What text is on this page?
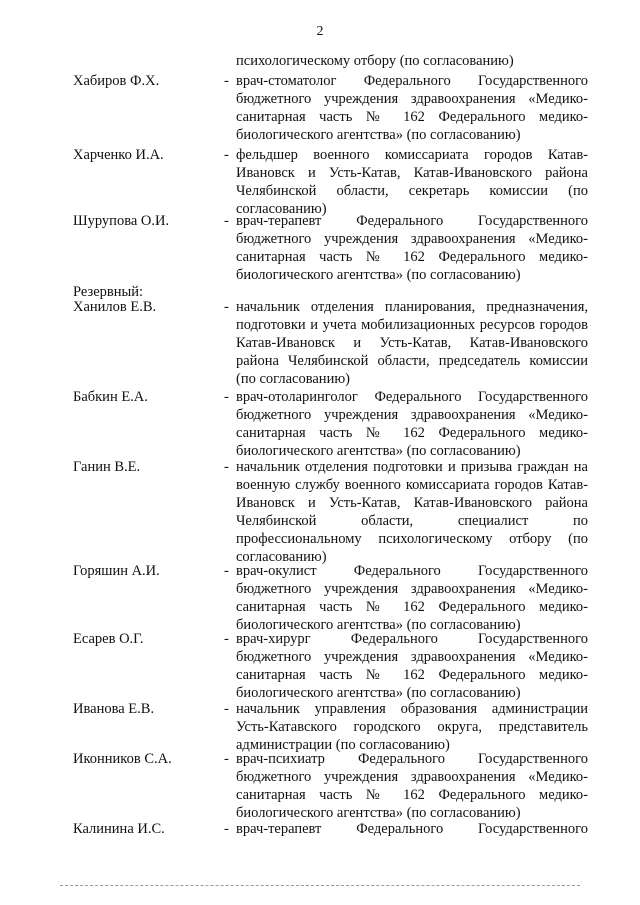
2
психологическому отбору (по согласованию)
Хабиров Ф.Х.	- врач-стоматолог Федерального Государственного бюджетного учреждения здравоохранения «Медико-санитарная часть № 162 Федерального медико-биологического агентства» (по согласованию)
Харченко И.А.	- фельдшер военного комиссариата городов Катав-Ивановск и Усть-Катав, Катав-Ивановского района Челябинской области, секретарь комиссии (по согласованию)
Шурупова О.И.	- врач-терапевт Федерального Государственного бюджетного учреждения здравоохранения «Медико-санитарная часть № 162 Федерального медико-биологического агентства» (по согласованию)
Резервный:
Ханилов Е.В.	- начальник отделения планирования, предназначения, подготовки и учета мобилизационных ресурсов городов Катав-Ивановск и Усть-Катав, Катав-Ивановского района Челябинской области, председатель комиссии (по согласованию)
Бабкин Е.А.	- врач-отоларинголог Федерального Государственного бюджетного учреждения здравоохранения «Медико-санитарная часть № 162 Федерального медико-биологического агентства» (по согласованию)
Ганин В.Е.	- начальник отделения подготовки и призыва граждан на военную службу военного комиссариата городов Катав-Ивановск и Усть-Катав, Катав-Ивановского района Челябинской области, специалист по профессиональному психологическому отбору (по согласованию)
Горяшин А.И.	- врач-окулист Федерального Государственного бюджетного учреждения здравоохранения «Медико-санитарная часть № 162 Федерального медико-биологического агентства» (по согласованию)
Есарев О.Г.	- врач-хирург Федерального Государственного бюджетного учреждения здравоохранения «Медико-санитарная часть № 162 Федерального медико-биологического агентства» (по согласованию)
Иванова Е.В.	- начальник управления образования администрации Усть-Катавского городского округа, представитель администрации (по согласованию)
Иконников С.А.	- врач-психиатр Федерального Государственного бюджетного учреждения здравоохранения «Медико-санитарная часть № 162 Федерального медико-биологического агентства» (по согласованию)
Калинина И.С.	- врач-терапевт Федерального Государственного
